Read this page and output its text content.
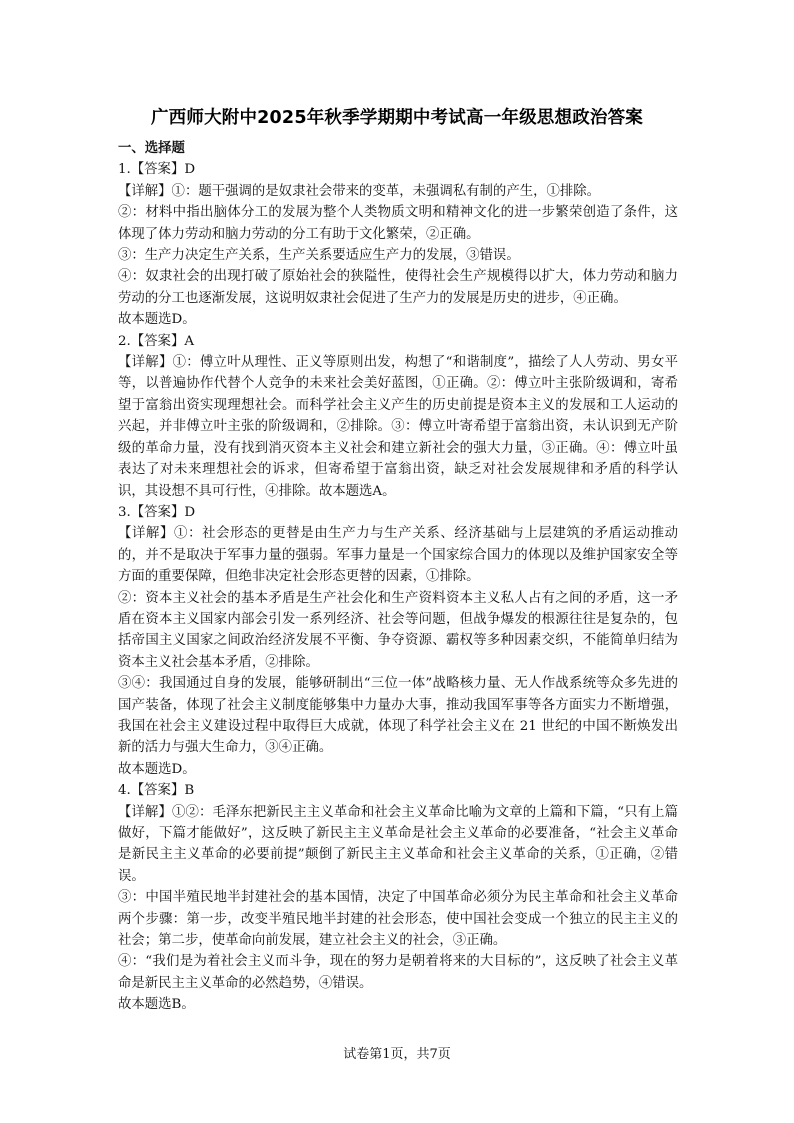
广西师大附中2025年秋季学期期中考试高一年级思想政治答案

一、选择题

1.【答案】D

【详解】①：题干强调的是奴隶社会带来的变革，未强调私有制的产生，①排除。

②：材料中指出脑体分工的发展为整个人类物质文明和精神文化的进一步繁荣创造了条件，这体现了体力劳动和脑力劳动的分工有助于文化繁荣，②正确。

③：生产力决定生产关系，生产关系要适应生产力的发展，③错误。

④：奴隶社会的出现打破了原始社会的狭隘性，使得社会生产规模得以扩大，体力劳动和脑力劳动的分工也逐渐发展，这说明奴隶社会促进了生产力的发展是历史的进步，④正确。

故本题选D。

2.【答案】A

【详解】①：傅立叶从理性、正义等原则出发，构想了“和谐制度”，描绘了人人劳动、男女平等，以普遍协作代替个人竞争的未来社会美好蓝图，①正确。②：傅立叶主张阶级调和，寄希望于富翁出资实现理想社会。而科学社会主义产生的历史前提是资本主义的发展和工人运动的兴起，并非傅立叶主张的阶级调和，②排除。③：傅立叶寄希望于富翁出资，未认识到无产阶级的革命力量，没有找到消灭资本主义社会和建立新社会的强大力量，③正确。④：傅立叶虽表达了对未来理想社会的诉求，但寄希望于富翁出资，缺乏对社会发展规律和矛盾的科学认识，其设想不具可行性，④排除。故本题选A。

3.【答案】D

【详解】①：社会形态的更替是由生产力与生产关系、经济基础与上层建筑的矛盾运动推动的，并不是取决于军事力量的强弱。军事力量是一个国家综合国力的体现以及维护国家安全等方面的重要保障，但绝非决定社会形态更替的因素，①排除。

②：资本主义社会的基本矛盾是生产社会化和生产资料资本主义私人占有之间的矛盾，这一矛盾在资本主义国家内部会引发一系列经济、社会等问题，但战争爆发的根源往往是复杂的，包括帝国主义国家之间政治经济发展不平衡、争夺资源、霸权等多种因素交织，不能简单归结为资本主义社会基本矛盾，②排除。

③④：我国通过自身的发展，能够研制出“三位一体”战略核力量、无人作战系统等众多先进的国产装备，体现了社会主义制度能够集中力量办大事，推动我国军事等各方面实力不断增强，我国在社会主义建设过程中取得巨大成就，体现了科学社会主义在 21 世纪的中国不断焕发出新的活力与强大生命力，③④正确。

故本题选D。

4.【答案】B

【详解】①②：毛泽东把新民主主义革命和社会主义革命比喻为文章的上篇和下篇，“只有上篇做好，下篇才能做好”，这反映了新民主主义革命是社会主义革命的必要准备，“社会主义革命是新民主主义革命的必要前提”颠倒了新民主主义革命和社会主义革命的关系，①正确，②错误。

③：中国半殖民地半封建社会的基本国情，决定了中国革命必须分为民主革命和社会主义革命两个步骤：第一步，改变半殖民地半封建的社会形态，使中国社会变成一个独立的民主主义的社会；第二步，使革命向前发展，建立社会主义的社会，③正确。

④：“我们是为着社会主义而斗争，现在的努力是朝着将来的大目标的”，这反映了社会主义革命是新民主主义革命的必然趋势，④错误。

故本题选B。

试卷第1页，共7页
